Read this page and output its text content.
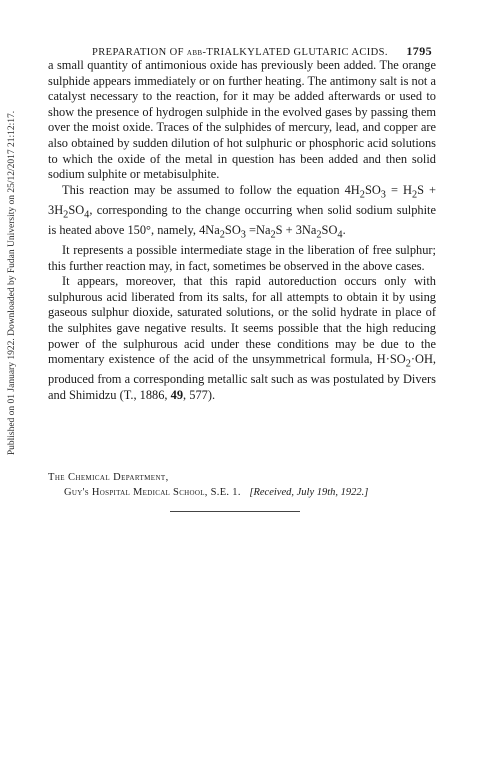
PREPARATION OF αββ-TRIALKYLATED GLUTARIC ACIDS. 1795
Published on 01 January 1922. Downloaded by Fudan University on 25/12/2017 21:12:17.

a small quantity of antimonious oxide has previously been added. The orange sulphide appears immediately or on further heating. The antimony salt is not a catalyst necessary to the reaction, for it may be added afterwards or used to show the presence of hydrogen sulphide in the evolved gases by passing them over the moist oxide. Traces of the sulphides of mercury, lead, and copper are also obtained by sudden dilution of hot sulphuric or phosphoric acid solutions to which the oxide of the metal in question has been added and then solid sodium sulphite or metabisulphite.

This reaction may be assumed to follow the equation $4H_2SO_3 = H_2S + 3H_2SO_4$, corresponding to the change occurring when solid sodium sulphite is heated above 150°, namely, $4Na_2SO_3 =Na_2S + 3Na_2SO_4$.

It represents a possible intermediate stage in the liberation of free sulphur; this further reaction may, in fact, sometimes be observed in the above cases.

It appears, moreover, that this rapid autoreduction occurs only with sulphurous acid liberated from its salts, for all attempts to obtain it by using gaseous sulphur dioxide, saturated solutions, or the solid hydrate in place of the sulphites gave negative results. It seems possible that the high reducing power of the sulphurous acid under these conditions may be due to the momentary existence of the acid of the unsymmetrical formula, $H\cdot SO_2\cdot OH$, produced from a corresponding metallic salt such as was postulated by Divers and Shimidzu (T., 1886, 49, 577).

The Chemical Department,
Guy's Hospital Medical School, S.E. 1. [Received, July 19th, 1922.]
